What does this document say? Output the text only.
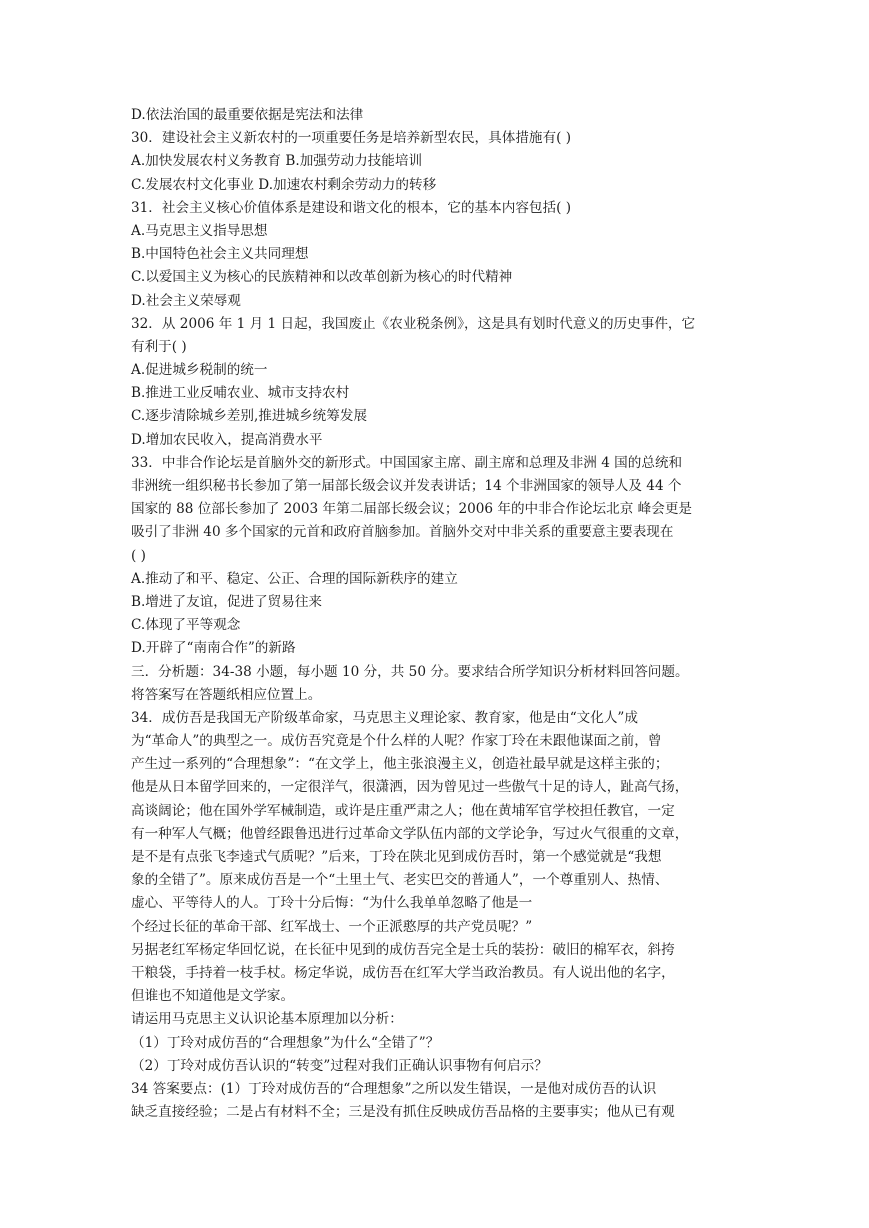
D.依法治国的最重要依据是宪法和法律
30．建设社会主义新农村的一项重要任务是培养新型农民，具体措施有( )
A.加快发展农村义务教育 B.加强劳动力技能培训
C.发展农村文化事业 D.加速农村剩余劳动力的转移
31．社会主义核心价值体系是建设和谐文化的根本，它的基本内容包括( )
A.马克思主义指导思想
B.中国特色社会主义共同理想
C.以爱国主义为核心的民族精神和以改革创新为核心的时代精神
D.社会主义荣辱观
32．从 2006 年 1 月 1 日起，我国废止《农业税条例》，这是具有划时代意义的历史事件，它
有利于( )
A.促进城乡税制的统一
B.推进工业反哺农业、城市支持农村
C.逐步清除城乡差别,推进城乡统筹发展
D.增加农民收入，提高消费水平
33．中非合作论坛是首脑外交的新形式。中国国家主席、副主席和总理及非洲 4 国的总统和
非洲统一组织秘书长参加了第一届部长级会议并发表讲话；14 个非洲国家的领导人及 44 个
国家的 88 位部长参加了 2003 年第二届部长级会议；2006 年的中非合作论坛北京 峰会更是
吸引了非洲 40 多个国家的元首和政府首脑参加。首脑外交对中非关系的重要意主要表现在
( )
A.推动了和平、稳定、公正、合理的国际新秩序的建立
B.增进了友谊，促进了贸易往来
C.体现了平等观念
D.开辟了“南南合作”的新路
三．分析题：34-38 小题，每小题 10 分，共 50 分。要求结合所学知识分析材料回答问题。
将答案写在答题纸相应位置上。
34．成仿吾是我国无产阶级革命家，马克思主义理论家、教育家，他是由“文化人”成
为“革命人”的典型之一。成仿吾究竟是个什么样的人呢？作家丁玲在未跟他谋面之前，曾
产生过一系列的“合理想象”：“在文学上，他主张浪漫主义，创造社最早就是这样主张的；
他是从日本留学回来的，一定很洋气，很潇洒，因为曾见过一些傲气十足的诗人，趾高气扬，
高谈阔论；他在国外学军械制造，或许是庄重严肃之人；他在黄埔军官学校担任教官，一定
有一种军人气概；他曾经跟鲁迅进行过革命文学队伍内部的文学论争，写过火气很重的文章，
是不是有点张飞李逵式气质呢？”后来，丁玲在陕北见到成仿吾时，第一个感觉就是“我想
象的全错了”。原来成仿吾是一个“土里土气、老实巴交的普通人”，一个尊重别人、热情、
虚心、平等待人的人。丁玲十分后悔：“为什么我单单忽略了他是一
个经过长征的革命干部、红军战士、一个正派憨厚的共产党员呢？”
另据老红军杨定华回忆说，在长征中见到的成仿吾完全是士兵的装扮：破旧的棉军衣，斜挎
干粮袋，手持着一枝手杖。杨定华说，成仿吾在红军大学当政治教员。有人说出他的名字，
但谁也不知道他是文学家。
请运用马克思主义认识论基本原理加以分析：
（1）丁玲对成仿吾的“合理想象”为什么“全错了”？
（2）丁玲对成仿吾认识的“转变”过程对我们正确认识事物有何启示？
34 答案要点：(1）丁玲对成仿吾的“合理想象”之所以发生错误，一是他对成仿吾的认识
缺乏直接经验；二是占有材料不全；三是没有抓住反映成仿吾品格的主要事实；他从已有观
